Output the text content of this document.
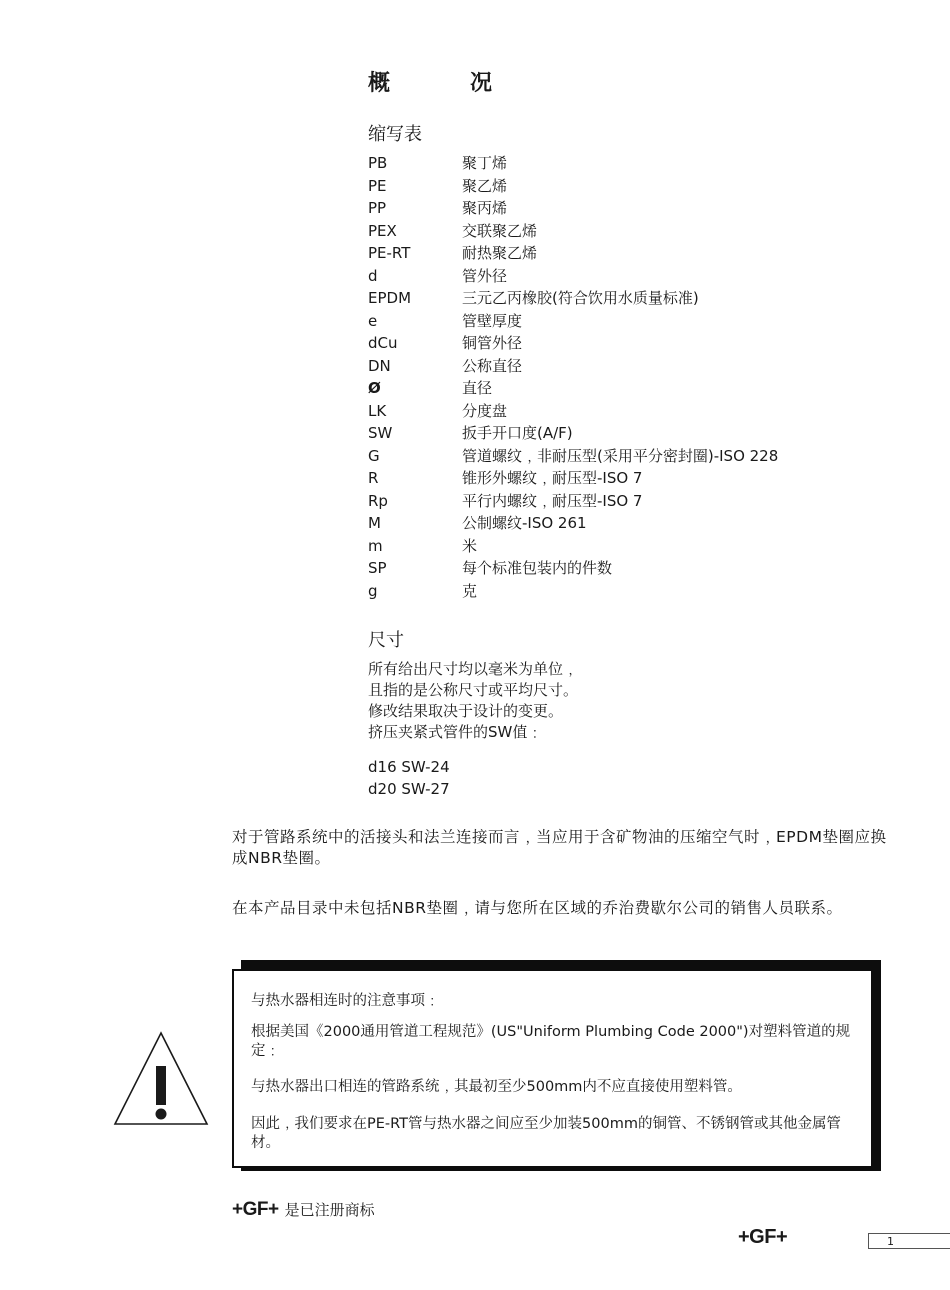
概	况
缩写表
PB	聚丁烯
PE	聚乙烯
PP	聚丙烯
PEX	交联聚乙烯
PE-RT	耐热聚乙烯
d	管外径
EPDM	三元乙丙橡胶(符合饮用水质量标准)
e	管壁厚度
dCu	铜管外径
DN	公称直径
Ø	直径
LK	分度盘
SW	扳手开口度(A/F)
G	管道螺纹﹐非耐压型(采用平分密封圈)-ISO 228
R	锥形外螺纹﹐耐压型-ISO 7
Rp	平行内螺纹﹐耐压型-ISO 7
M	公制螺纹-ISO 261
m	米
SP	每个标准包装内的件数
g	克
尺寸
所有给出尺寸均以毫米为单位﹐
且指的是公称尺寸或平均尺寸。
修改结果取决于设计的变更。
挤压夹紧式管件的SW值﹕
d16 SW-24
d20 SW-27
对于管路系统中的活接头和法兰连接而言﹐当应用于含矿物油的压缩空气时﹐EPDM垫圈应换成NBR垫圈。
在本产品目录中未包括NBR垫圈﹐请与您所在区域的乔治费歇尔公司的销售人员联系。
与热水器相连时的注意事项﹕
根据美国《2000通用管道工程规范》(US"Uniform Plumbing Code 2000")对塑料管道的规定﹕
与热水器出口相连的管路系统﹐其最初至少500mm内不应直接使用塑料管。
因此﹐我们要求在PE-RT管与热水器之间应至少加装500mm的铜管、不锈钢管或其他金属管材。
+GF+ 是已注册商标
+GF+	1
